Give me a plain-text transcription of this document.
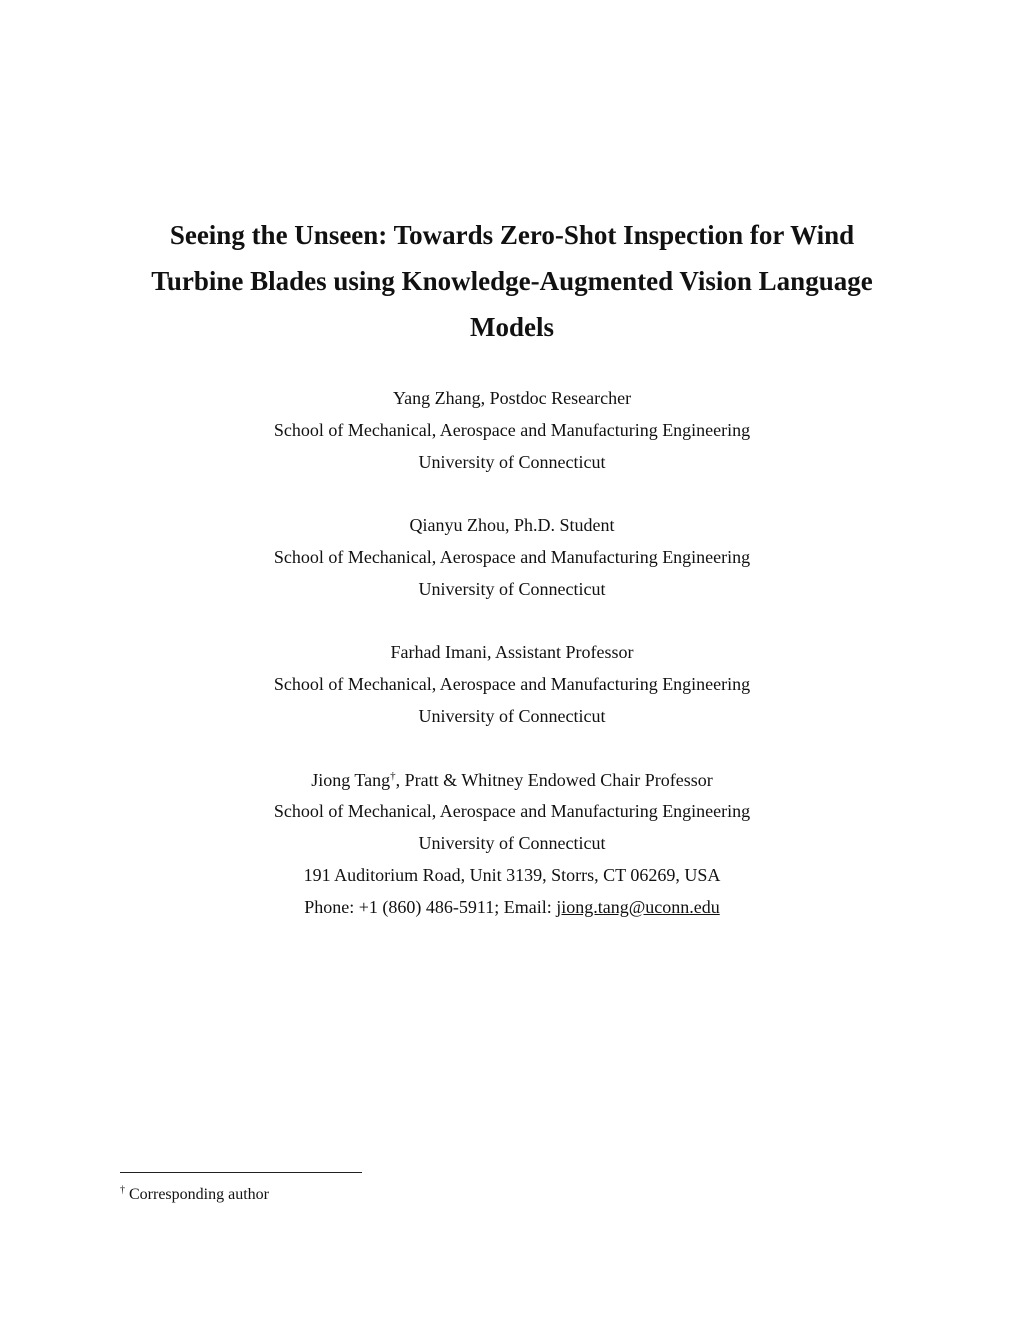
Seeing the Unseen: Towards Zero-Shot Inspection for Wind
Turbine Blades using Knowledge-Augmented Vision Language
Models
Yang Zhang, Postdoc Researcher
School of Mechanical, Aerospace and Manufacturing Engineering
University of Connecticut
Qianyu Zhou, Ph.D. Student
School of Mechanical, Aerospace and Manufacturing Engineering
University of Connecticut
Farhad Imani, Assistant Professor
School of Mechanical, Aerospace and Manufacturing Engineering
University of Connecticut
Jiong Tang†, Pratt & Whitney Endowed Chair Professor
School of Mechanical, Aerospace and Manufacturing Engineering
University of Connecticut
191 Auditorium Road, Unit 3139, Storrs, CT 06269, USA
Phone: +1 (860) 486-5911; Email: jiong.tang@uconn.edu
† Corresponding author
